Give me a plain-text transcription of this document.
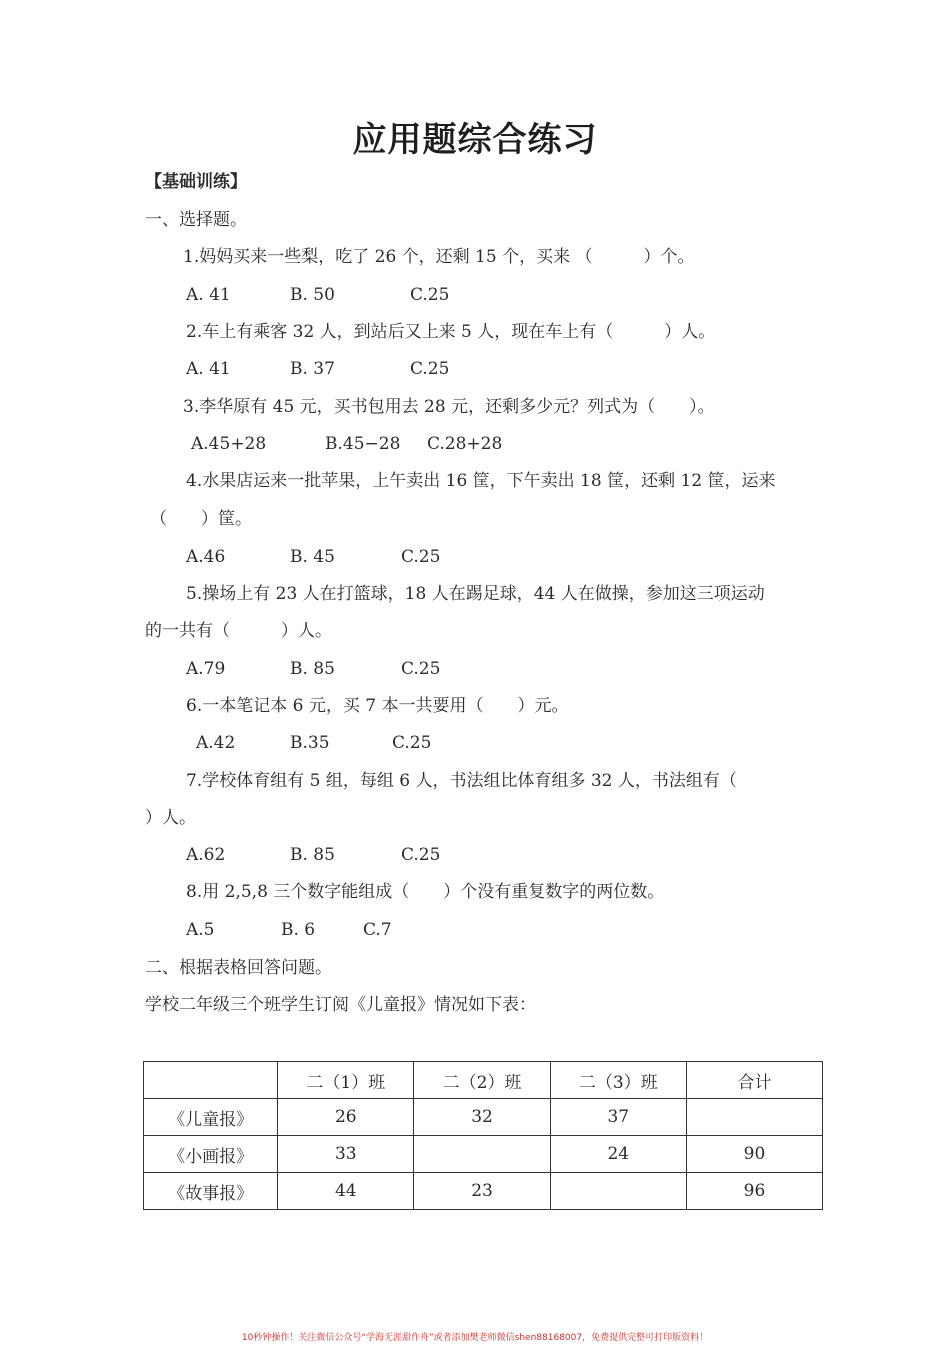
应用题综合练习
【基础训练】
一、选择题。
1.妈妈买来一些梨，吃了 26 个，还剩 15 个，买来 （　　　）个。
A. 41	B. 50	C.25
2.车上有乘客 32 人，到站后又上来 5 人，现在车上有（　　　）人。
A. 41	B. 37	C.25
3.李华原有 45 元，买书包用去 28 元，还剩多少元？列式为（　　）。
A.45+28	B.45−28 C.28+28
4.水果店运来一批苹果，上午卖出 16 筐，下午卖出 18 筐，还剩 12 筐，运来
（　　）筐。
A.46	B. 45	C.25
5.操场上有 23 人在打篮球，18 人在踢足球，44 人在做操，参加这三项运动
的一共有（　　　）人。
A.79	B. 85	C.25
6.一本笔记本 6 元，买 7 本一共要用（　　）元。
A.42	B.35	C.25
7.学校体育组有 5 组，每组 6 人，书法组比体育组多 32 人，书法组有（
）人。
A.62	B. 85	C.25
8.用 2,5,8 三个数字能组成（　　）个没有重复数字的两位数。
A.5	B. 6	C.7
二、根据表格回答问题。
学校二年级三个班学生订阅《儿童报》情况如下表：
	二（1）班	二（2）班	二（3）班	合计
《儿童报》	26	32	37	
《小画报》	33		24	90
《故事报》	44	23		96
10秒钟操作！关注微信公众号“学海无涯甜作舟”或者添加樊老师微信shen88168007，免费提供完整可打印版资料！
